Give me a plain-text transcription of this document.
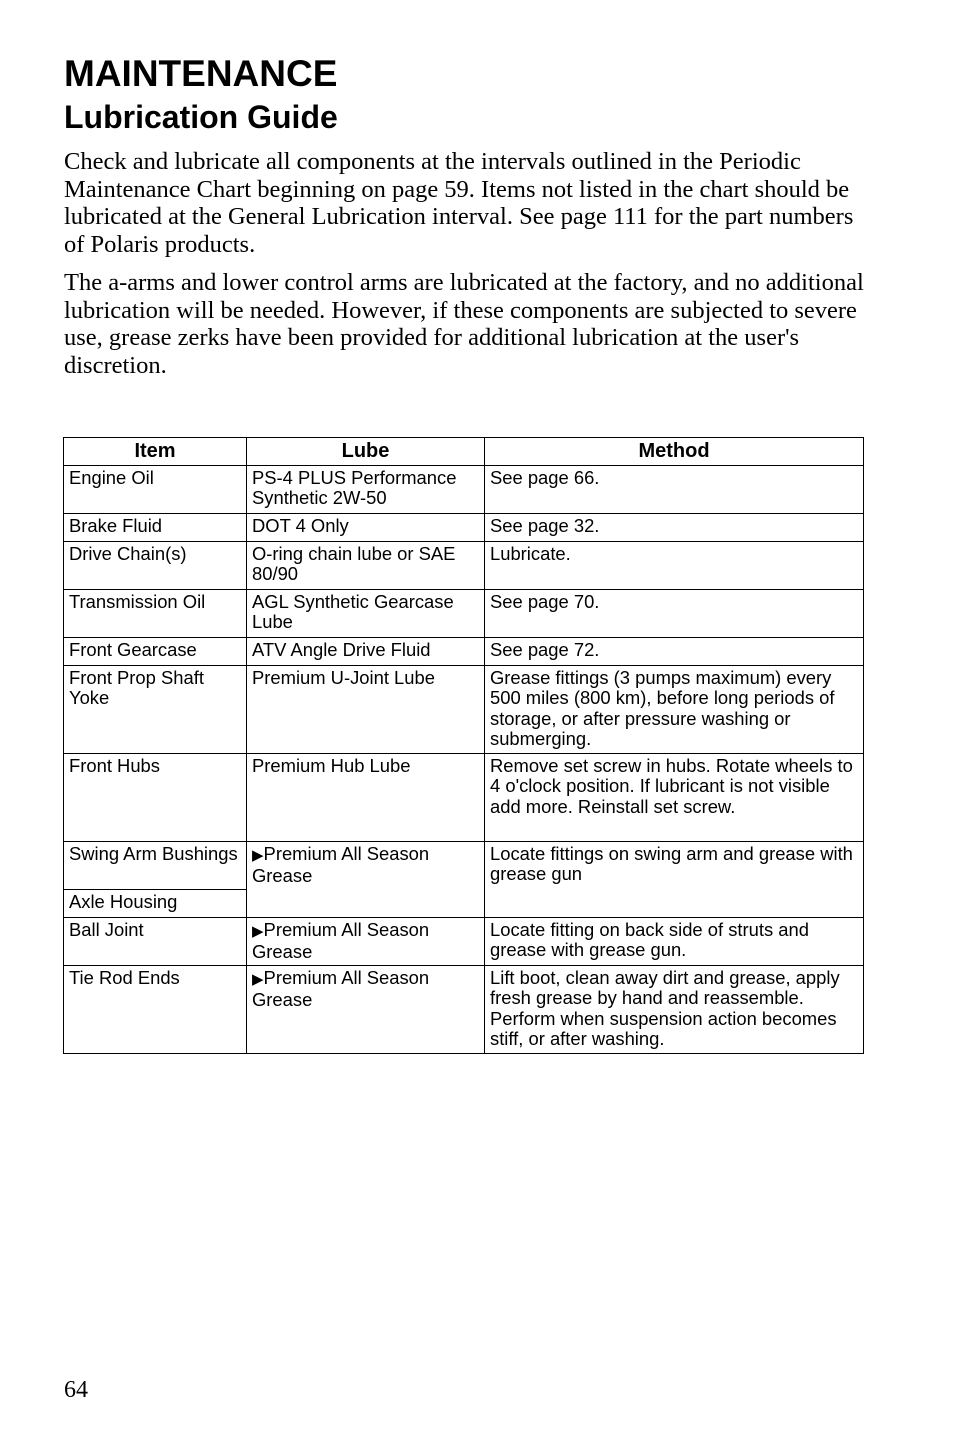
MAINTENANCE
Lubrication Guide

Check and lubricate all components at the intervals outlined in the Periodic Maintenance Chart beginning on page 59. Items not listed in the chart should be lubricated at the General Lubrication interval. See page 111 for the part numbers of Polaris products.

The a-arms and lower control arms are lubricated at the factory, and no additional lubrication will be needed. However, if these components are subjected to severe use, grease zerks have been provided for additional lubrication at the user's discretion.

Item	Lube	Method
Engine Oil	PS-4 PLUS Performance Synthetic 2W-50	See page 66.
Brake Fluid	DOT 4 Only	See page 32.
Drive Chain(s)	O-ring chain lube or SAE 80/90	Lubricate.
Transmission Oil	AGL Synthetic Gearcase Lube	See page 70.
Front Gearcase	ATV Angle Drive Fluid	See page 72.
Front Prop Shaft Yoke	Premium U-Joint Lube	Grease fittings (3 pumps maximum) every 500 miles (800 km), before long periods of storage, or after pressure washing or submerging.
Front Hubs	Premium Hub Lube	Remove set screw in hubs. Rotate wheels to 4 o'clock position. If lubricant is not visible add more. Reinstall set screw.
Swing Arm Bushings	▶Premium All Season Grease	Locate fittings on swing arm and grease with grease gun
Axle Housing		
Ball Joint	▶Premium All Season Grease	Locate fitting on back side of struts and grease with grease gun.
Tie Rod Ends	▶Premium All Season Grease	Lift boot, clean away dirt and grease, apply fresh grease by hand and reassemble. Perform when suspension action becomes stiff, or after washing.

64
